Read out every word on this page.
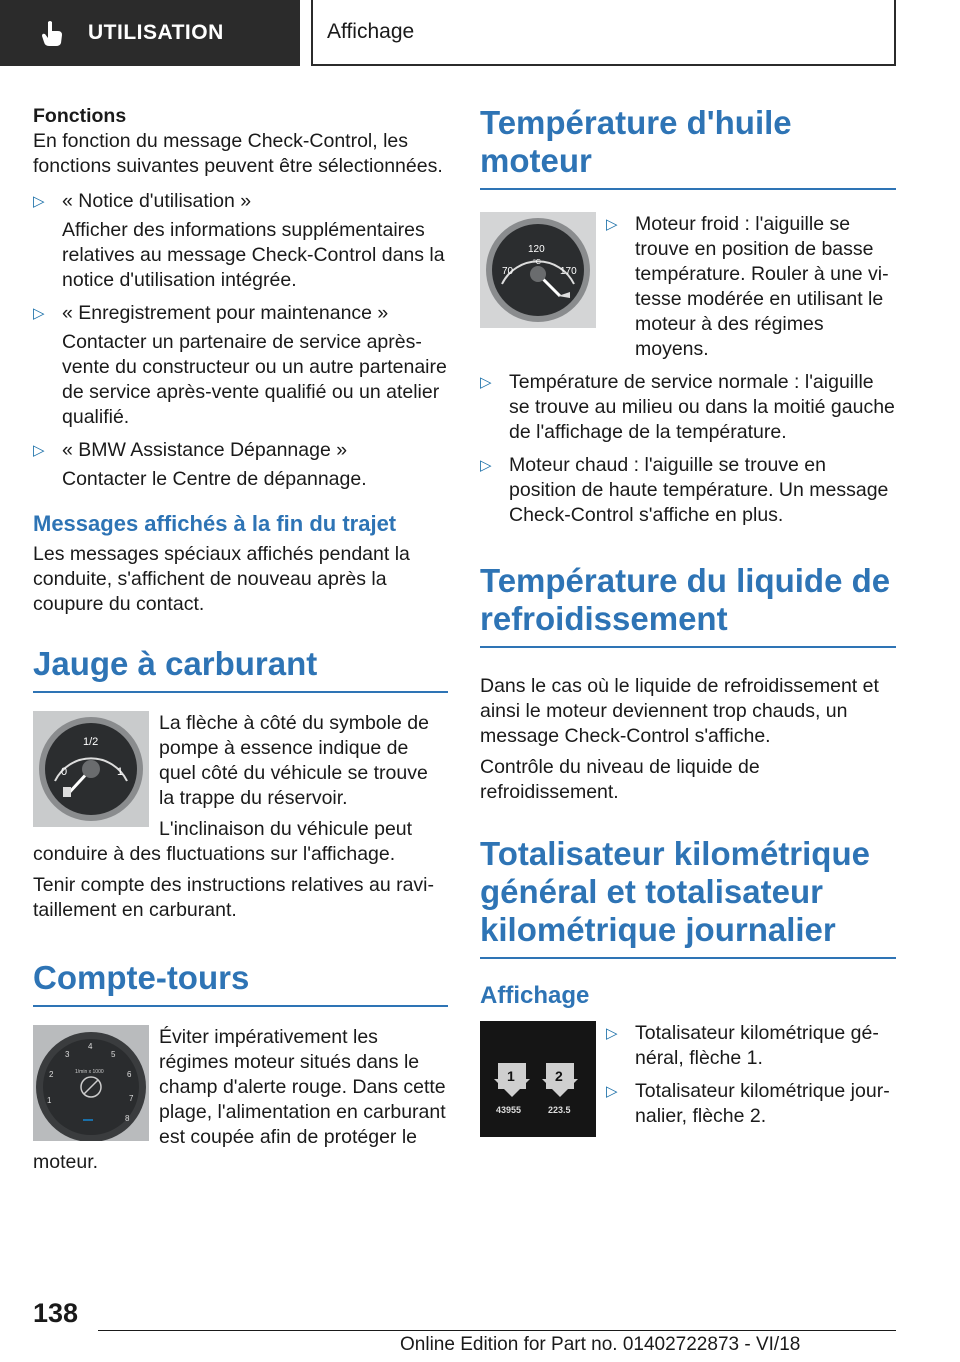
UTILISATION	Affichage
Fonctions
En fonction du message Check-Control, les fonctions suivantes peuvent être sélectionnées.
▷ « Notice d'utilisation »
Afficher des informations supplémentaires relatives au message Check-Control dans la notice d'utilisation intégrée.
▷ « Enregistrement pour maintenance »
Contacter un partenaire de service après-vente du constructeur ou un autre partenaire de service après-vente qualifié ou un atelier qualifié.
▷ « BMW Assistance Dépannage »
Contacter le Centre de dépannage.
Messages affichés à la fin du trajet
Les messages spéciaux affichés pendant la conduite, s'affichent de nouveau après la coupure du contact.
Jauge à carburant
0
1/2
1
La flèche à côté du symbole de pompe à essence indique de quel côté du véhicule se trouve la trappe du réservoir.
L'inclinaison du véhicule peut conduire à des fluctuations sur l'affichage.
Tenir compte des instructions relatives au ravitaillement en carburant.
Compte-tours
1
2
3
4
5
6
7
8
1/min x 1000
Éviter impérativement les régimes moteur situés dans le champ d'alerte rouge. Dans cette plage, l'alimentation en carburant est coupée afin de protéger le moteur.
Température d'huile moteur
70
120
°C
170
▷ Moteur froid : l'aiguille se trouve en position de basse température. Rouler à une vitesse modérée en utilisant le moteur à des régimes moyens.
▷ Température de service normale : l'aiguille se trouve au milieu ou dans la moitié gauche de l'affichage de la température.
▷ Moteur chaud : l'aiguille se trouve en position de haute température. Un message Check-Control s'affiche en plus.
Température du liquide de refroidissement
Dans le cas où le liquide de refroidissement et ainsi le moteur deviennent trop chauds, un message Check-Control s'affiche.
Contrôle du niveau de liquide de refroidissement.
Totalisateur kilométrique général et totalisateur kilométrique journalier
Affichage
1	2
43955	223.5
▷ Totalisateur kilométrique général, flèche 1.
▷ Totalisateur kilométrique journalier, flèche 2.
138
Online Edition for Part no. 01402722873 - VI/18
